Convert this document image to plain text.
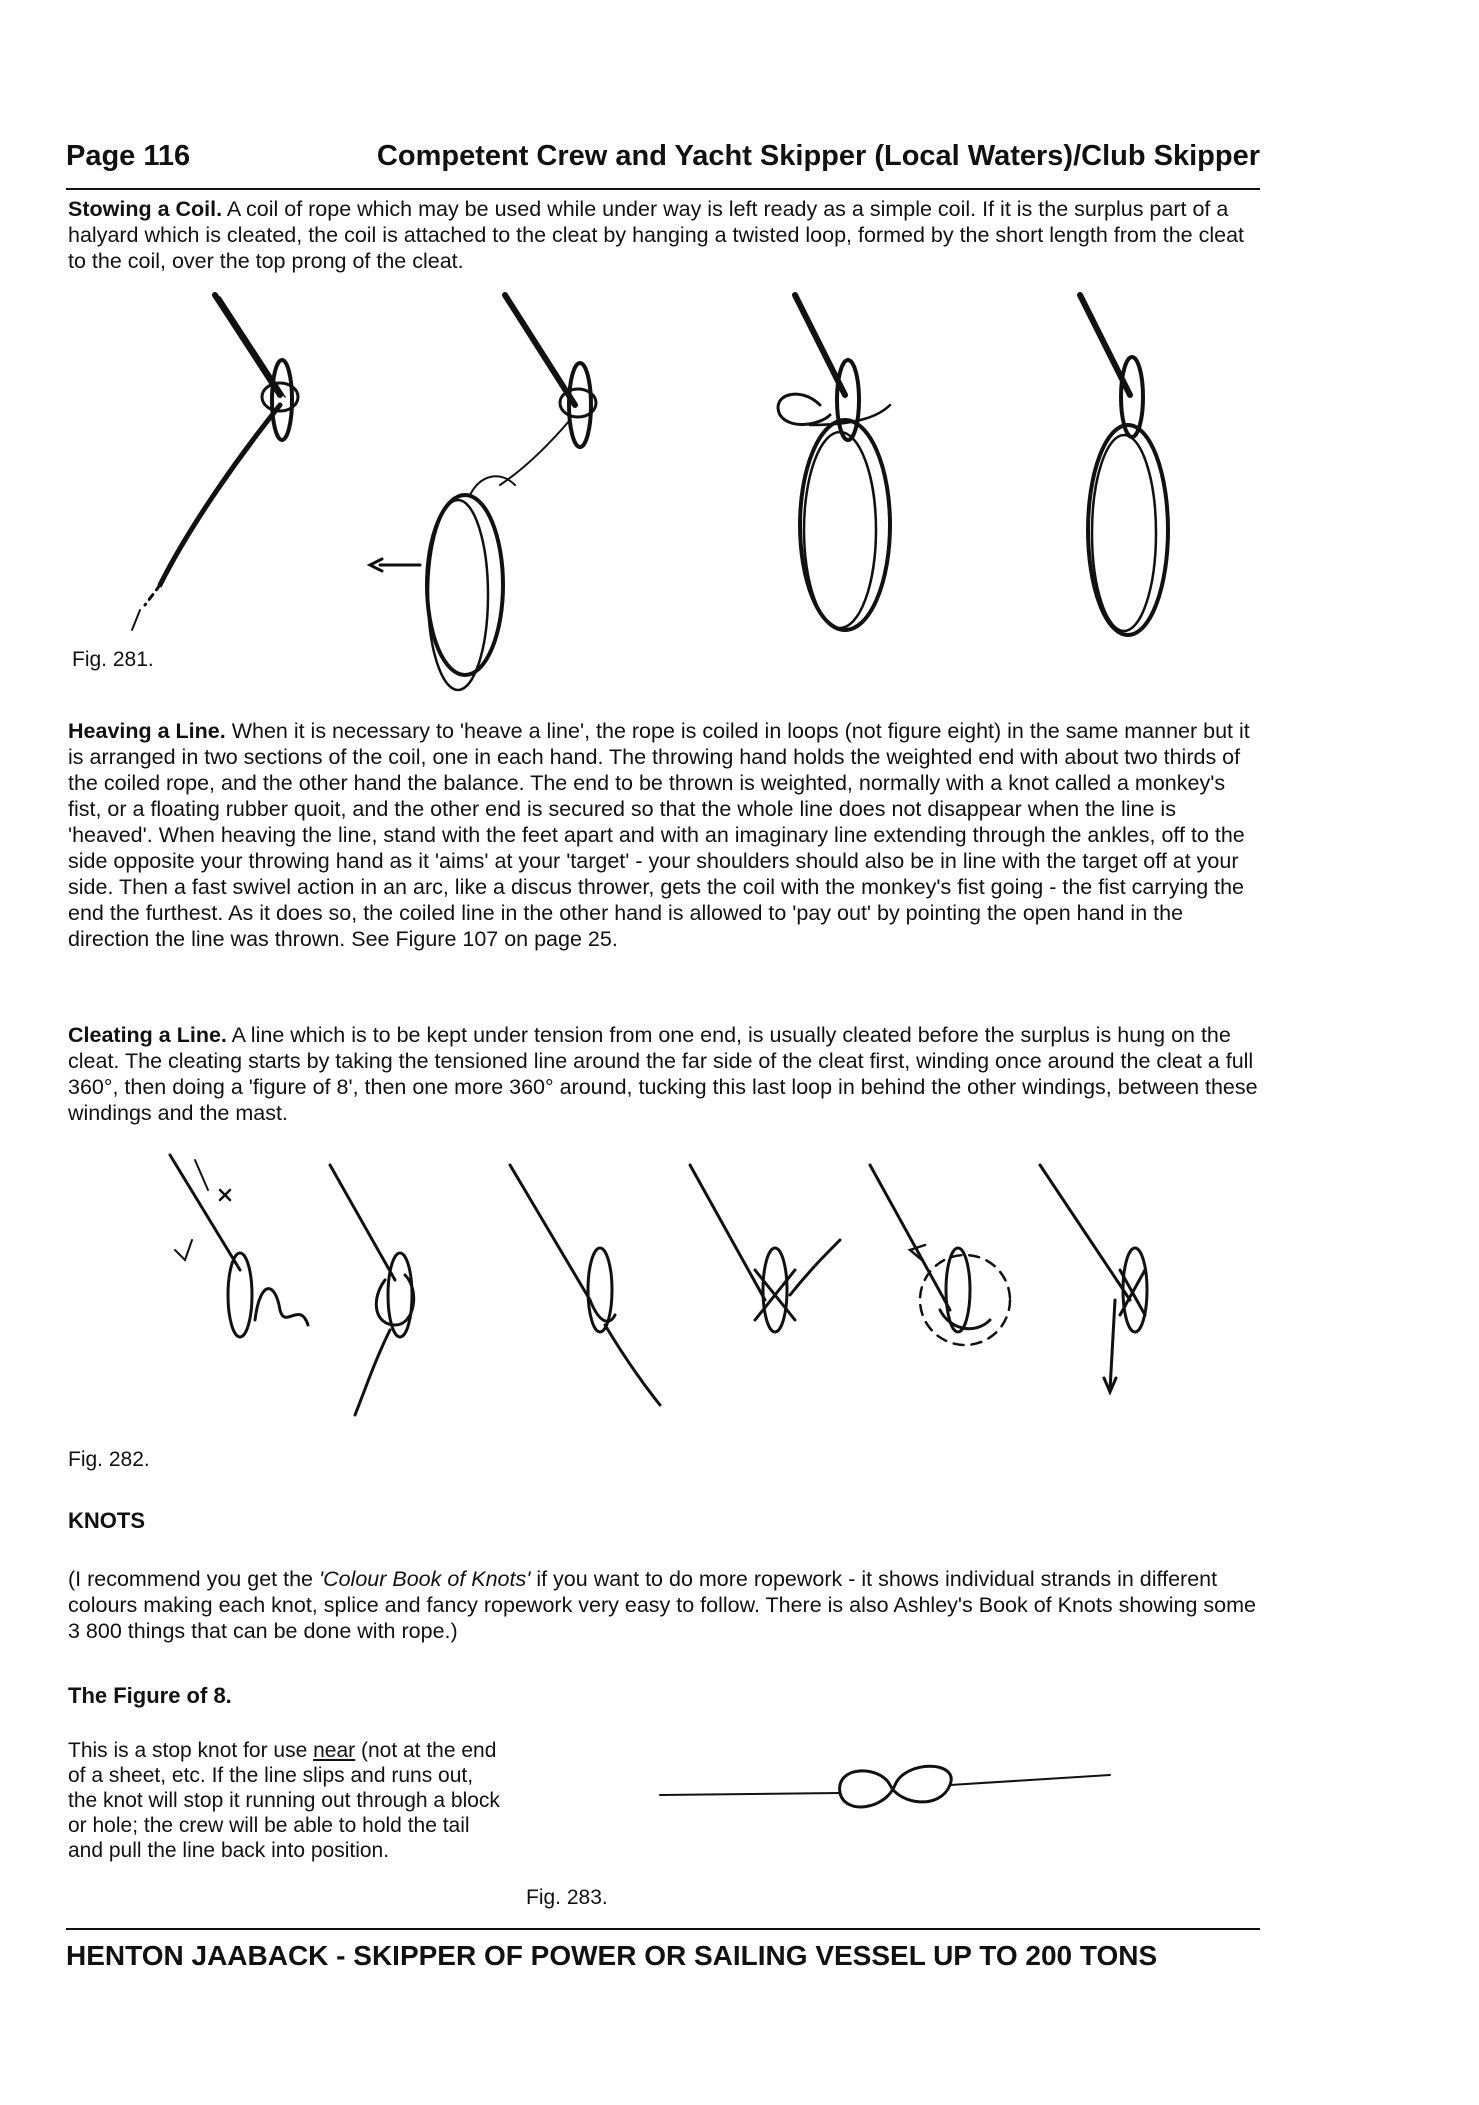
Page 116	Competent Crew and Yacht Skipper (Local Waters)/Club Skipper

Stowing a Coil. A coil of rope which may be used while under way is left ready as a simple coil. If it is the surplus part of a halyard which is cleated, the coil is attached to the cleat by hanging a twisted loop, formed by the short length from the cleat to the coil, over the top prong of the cleat.

Fig. 281.

Heaving a Line. When it is necessary to 'heave a line', the rope is coiled in loops (not figure eight) in the same manner but it is arranged in two sections of the coil, one in each hand. The throwing hand holds the weighted end with about two thirds of the coiled rope, and the other hand the balance. The end to be thrown is weighted, normally with a knot called a monkey's fist, or a floating rubber quoit, and the other end is secured so that the whole line does not disappear when the line is 'heaved'. When heaving the line, stand with the feet apart and with an imaginary line extending through the ankles, off to the side opposite your throwing hand as it 'aims' at your 'target' - your shoulders should also be in line with the target off at your side. Then a fast swivel action in an arc, like a discus thrower, gets the coil with the monkey's fist going - the fist carrying the end the furthest. As it does so, the coiled line in the other hand is allowed to 'pay out' by pointing the open hand in the direction the line was thrown. See Figure 107 on page 25.

Cleating a Line. A line which is to be kept under tension from one end, is usually cleated before the surplus is hung on the cleat. The cleating starts by taking the tensioned line around the far side of the cleat first, winding once around the cleat a full 360°, then doing a 'figure of 8', then one more 360° around, tucking this last loop in behind the other windings, between these windings and the mast.

Fig. 282.
KNOTS

(I recommend you get the 'Colour Book of Knots' if you want to do more ropework - it shows individual strands in different colours making each knot, splice and fancy ropework very easy to follow. There is also Ashley's Book of Knots showing some 3 800 things that can be done with rope.)

The Figure of 8.

This is a stop knot for use near (not at the end of a sheet, etc. If the line slips and runs out, the knot will stop it running out through a block or hole; the crew will be able to hold the tail and pull the line back into position.

Fig. 283.
HENTON JAABACK - SKIPPER OF POWER OR SAILING VESSEL UP TO 200 TONS
